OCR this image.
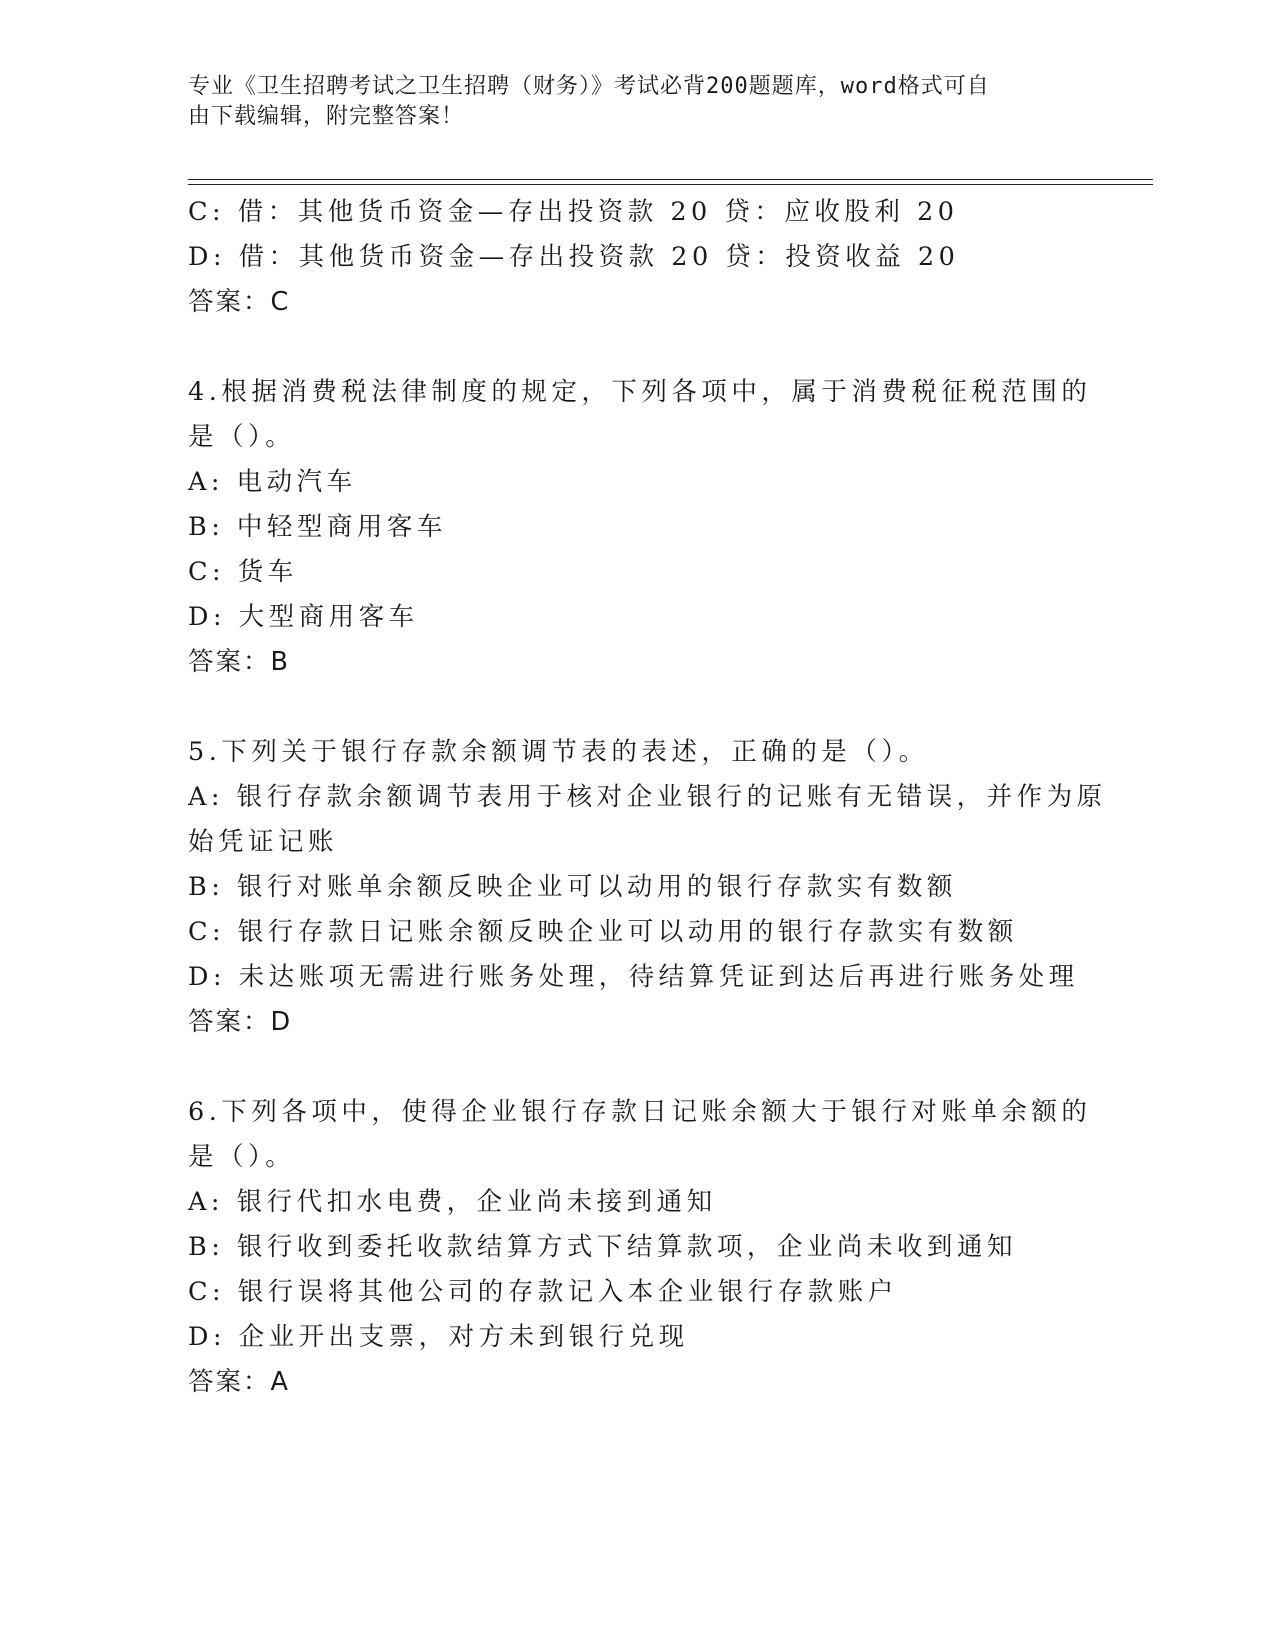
专业《卫生招聘考试之卫生招聘（财务）》考试必背200题题库，word格式可自
由下载编辑，附完整答案！
C: 借：其他货币资金—存出投资款 20 贷：应收股利 20
D: 借：其他货币资金—存出投资款 20 贷：投资收益 20
答案：C
4.根据消费税法律制度的规定，下列各项中，属于消费税征税范围的
是（）。
A: 电动汽车
B: 中轻型商用客车
C: 货车
D: 大型商用客车
答案：B
5.下列关于银行存款余额调节表的表述，正确的是（）。
A: 银行存款余额调节表用于核对企业银行的记账有无错误，并作为原
始凭证记账
B: 银行对账单余额反映企业可以动用的银行存款实有数额
C: 银行存款日记账余额反映企业可以动用的银行存款实有数额
D: 未达账项无需进行账务处理，待结算凭证到达后再进行账务处理
答案：D
6.下列各项中，使得企业银行存款日记账余额大于银行对账单余额的
是（）。
A: 银行代扣水电费，企业尚未接到通知
B: 银行收到委托收款结算方式下结算款项，企业尚未收到通知
C: 银行误将其他公司的存款记入本企业银行存款账户
D: 企业开出支票，对方未到银行兑现
答案：A
